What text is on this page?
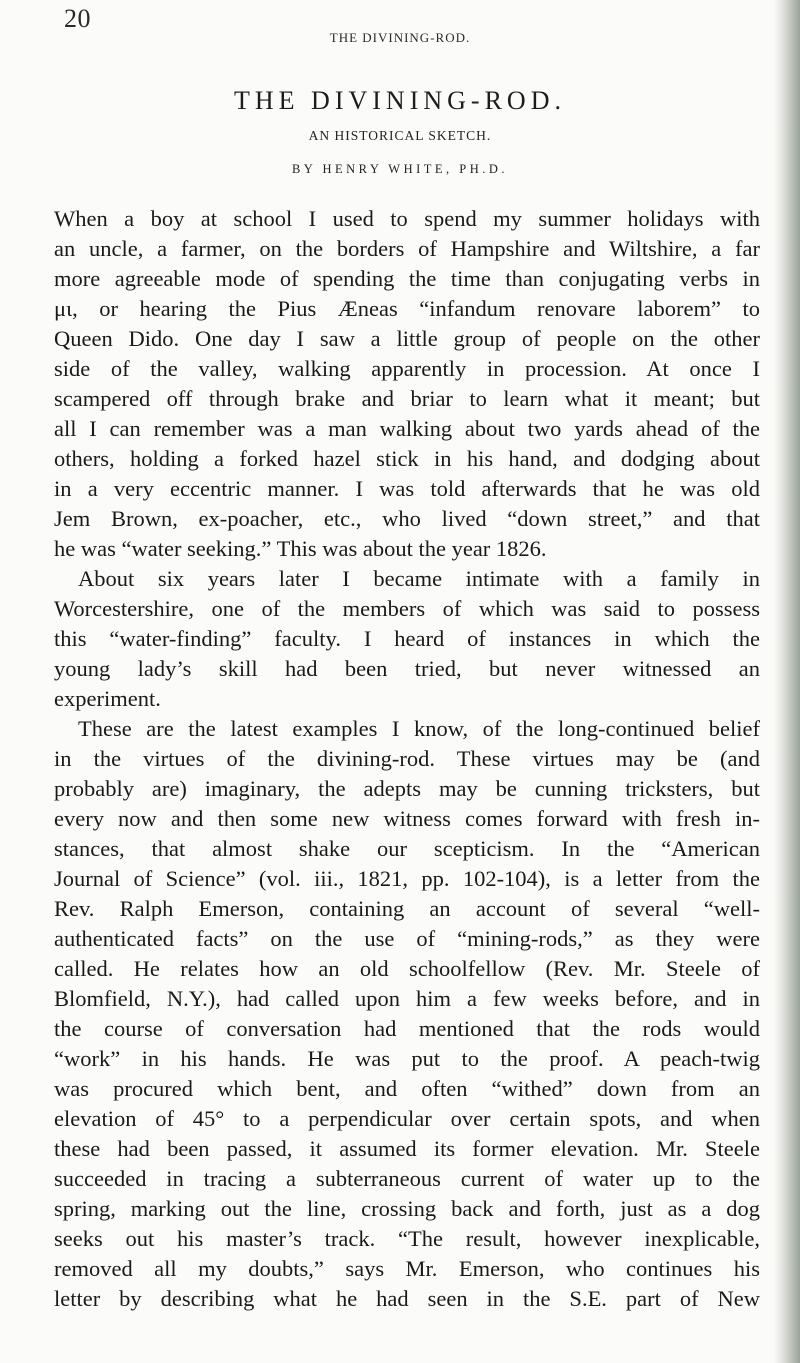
20
THE DIVINING-ROD.
THE DIVINING-ROD.
AN HISTORICAL SKETCH.
BY HENRY WHITE, PH.D.
When a boy at school I used to spend my summer holidays with
an uncle, a farmer, on the borders of Hampshire and Wiltshire, a far
more agreeable mode of spending the time than conjugating verbs in
μι, or hearing the Pius Æneas “infandum renovare laborem” to
Queen Dido. One day I saw a little group of people on the other
side of the valley, walking apparently in procession. At once I
scampered off through brake and briar to learn what it meant; but
all I can remember was a man walking about two yards ahead of the
others, holding a forked hazel stick in his hand, and dodging about
in a very eccentric manner. I was told afterwards that he was old
Jem Brown, ex-poacher, etc., who lived “down street,” and that
he was “water seeking.” This was about the year 1826.
About six years later I became intimate with a family in
Worcestershire, one of the members of which was said to possess
this “water-finding” faculty. I heard of instances in which the
young lady’s skill had been tried, but never witnessed an
experiment.
These are the latest examples I know, of the long-continued belief
in the virtues of the divining-rod. These virtues may be (and
probably are) imaginary, the adepts may be cunning tricksters, but
every now and then some new witness comes forward with fresh in-
stances, that almost shake our scepticism. In the “American
Journal of Science” (vol. iii., 1821, pp. 102-104), is a letter from the
Rev. Ralph Emerson, containing an account of several “well-
authenticated facts” on the use of “mining-rods,” as they were
called. He relates how an old schoolfellow (Rev. Mr. Steele of
Blomfield, N.Y.), had called upon him a few weeks before, and in
the course of conversation had mentioned that the rods would
“work” in his hands. He was put to the proof. A peach-twig
was procured which bent, and often “withed” down from an
elevation of 45° to a perpendicular over certain spots, and when
these had been passed, it assumed its former elevation. Mr. Steele
succeeded in tracing a subterraneous current of water up to the
spring, marking out the line, crossing back and forth, just as a dog
seeks out his master’s track. “The result, however inexplicable,
removed all my doubts,” says Mr. Emerson, who continues his
letter by describing what he had seen in the S.E. part of New
